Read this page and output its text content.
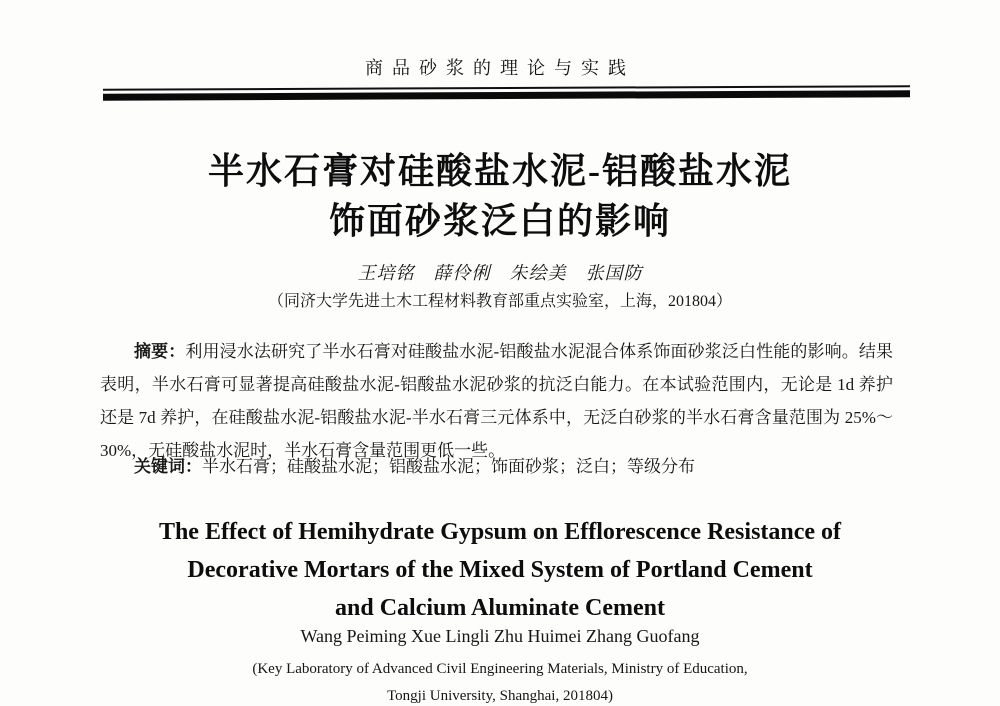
商品砂浆的理论与实践
半水石膏对硅酸盐水泥-铝酸盐水泥
饰面砂浆泛白的影响
王培铭　薛伶俐　朱绘美　张国防
（同济大学先进土木工程材料教育部重点实验室，上海，201804）
摘要：利用浸水法研究了半水石膏对硅酸盐水泥-铝酸盐水泥混合体系饰面砂浆泛白性能的影响。结果
表明，半水石膏可显著提高硅酸盐水泥-铝酸盐水泥砂浆的抗泛白能力。在本试验范围内，无论是 1d 养护
还是 7d 养护，在硅酸盐水泥-铝酸盐水泥-半水石膏三元体系中，无泛白砂浆的半水石膏含量范围为 25%～
30%，无硅酸盐水泥时，半水石膏含量范围更低一些。
关键词：半水石膏；硅酸盐水泥；铝酸盐水泥；饰面砂浆；泛白；等级分布
The Effect of Hemihydrate Gypsum on Efflorescence Resistance of
Decorative Mortars of the Mixed System of Portland Cement
and Calcium Aluminate Cement
Wang Peiming Xue Lingli Zhu Huimei Zhang Guofang
(Key Laboratory of Advanced Civil Engineering Materials, Ministry of Education,
Tongji University, Shanghai, 201804)
